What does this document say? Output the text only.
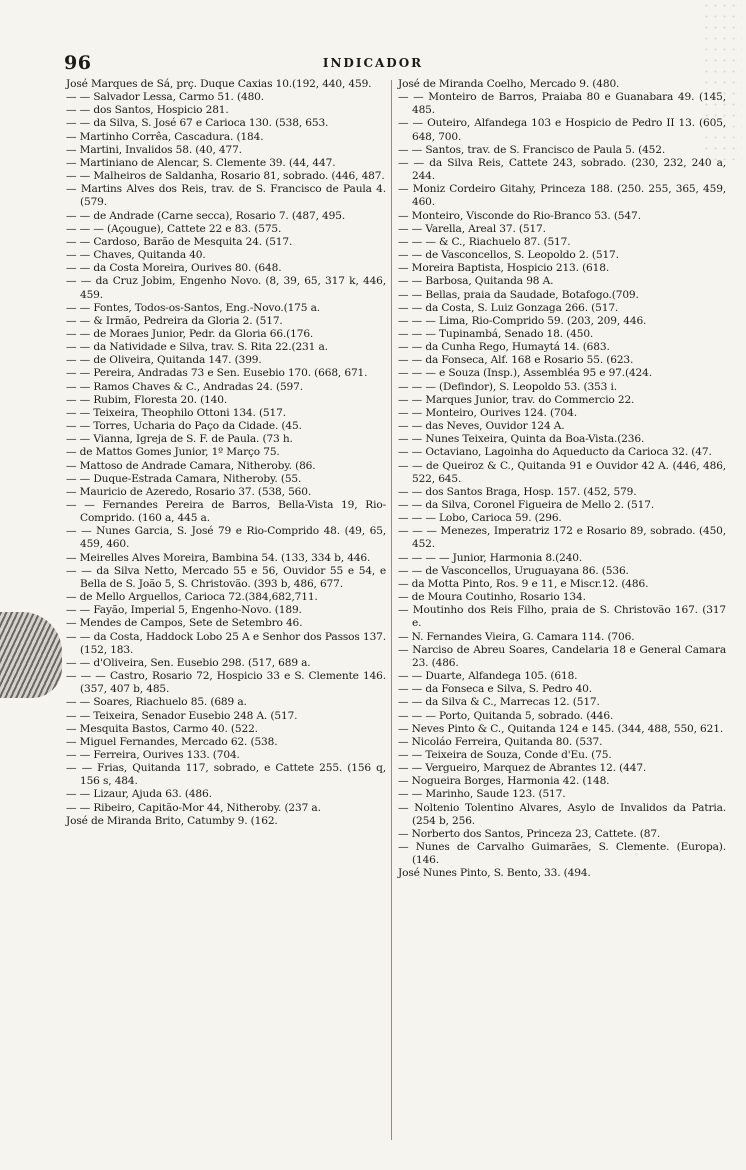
96	INDICADOR

José Marques de Sá, prç. Duque Caxias 10.(192, 440, 459.

— — Salvador Lessa, Carmo 51. (480.

— — dos Santos, Hospicio 281.

— — da Silva, S. José 67 e Carioca 130. (538, 653.

— Martinho Corrêa, Cascadura. (184.

— Martini, Invalidos 58. (40, 477.

— Martiniano de Alencar, S. Clemente 39. (44, 447.

— — Malheiros de Saldanha, Rosario 81, sobrado. (446, 487.

— Martins Alves dos Reis, trav. de S. Francisco de Paula 4. (579.

— — de Andrade (Carne secca), Rosario 7. (487, 495.

— — — (Açougue), Cattete 22 e 83. (575.

— — Cardoso, Barão de Mesquita 24. (517.

— — Chaves, Quitanda 40.

— — da Costa Moreira, Ourives 80. (648.

— — da Cruz Jobim, Engenho Novo. (8, 39, 65, 317 k, 446, 459.

— — Fontes, Todos-os-Santos, Eng.-Novo.(175 a.

— — & Irmão, Pedreira da Gloria 2. (517.

— — de Moraes Junior, Pedr. da Gloria 66.(176.

— — da Natividade e Silva, trav. S. Rita 22.(231 a.

— — de Oliveira, Quitanda 147. (399.

— — Pereira, Andradas 73 e Sen. Eusebio 170. (668, 671.

— — Ramos Chaves & C., Andradas 24. (597.

— — Rubim, Floresta 20. (140.

— — Teixeira, Theophilo Ottoni 134. (517.

— — Torres, Ucharia do Paço da Cidade. (45.

— — Vianna, Igreja de S. F. de Paula. (73 h.

— de Mattos Gomes Junior, 1º Março 75.

— Mattoso de Andrade Camara, Nitheroby. (86.

— — Duque-Estrada Camara, Nitheroby. (55.

— Mauricio de Azeredo, Rosario 37. (538, 560.

— — Fernandes Pereira de Barros, Bella-Vista 19, Rio-Comprido. (160 a, 445 a.

— — Nunes Garcia, S. José 79 e Rio-Comprido 48. (49, 65, 459, 460.

— Meirelles Alves Moreira, Bambina 54. (133, 334 b, 446.

— — da Silva Netto, Mercado 55 e 56, Ouvidor 55 e 54, e Bella de S. João 5, S. Christovão. (393 b, 486, 677.

— de Mello Arguellos, Carioca 72.(384,682,711.

— — Fayão, Imperial 5, Engenho-Novo. (189.

— Mendes de Campos, Sete de Setembro 46.

— — da Costa, Haddock Lobo 25 A e Senhor dos Passos 137. (152, 183.

— — d'Oliveira, Sen. Eusebio 298. (517, 689 a.

— — — Castro, Rosario 72, Hospicio 33 e S. Clemente 146. (357, 407 b, 485.

— — Soares, Riachuelo 85. (689 a.

— — Teixeira, Senador Eusebio 248 A. (517.

— Mesquita Bastos, Carmo 40. (522.

— Miguel Fernandes, Mercado 62. (538.

— — Ferreira, Ourives 133. (704.

— — Frias, Quitanda 117, sobrado, e Cattete 255. (156 q, 156 s, 484.

— — Lizaur, Ajuda 63. (486.

— — Ribeiro, Capitão-Mor 44, Nitheroby. (237 a.

José de Miranda Brito, Catumby 9. (162.

José de Miranda Coelho, Mercado 9. (480.

— — Monteiro de Barros, Praiaba 80 e Guanabara 49. (145, 485.

— — Outeiro, Alfandega 103 e Hospicio de Pedro II 13. (605, 648, 700.

— — Santos, trav. de S. Francisco de Paula 5. (452.

— — da Silva Reis, Cattete 243, sobrado. (230, 232, 240 a, 244.

— Moniz Cordeiro Gitahy, Princeza 188. (250. 255, 365, 459, 460.

— Monteiro, Visconde do Rio-Branco 53. (547.

— — Varella, Areal 37. (517.

— — — & C., Riachuelo 87. (517.

— — de Vasconcellos, S. Leopoldo 2. (517.

— Moreira Baptista, Hospicio 213. (618.

— — Barbosa, Quitanda 98 A.

— — Bellas, praia da Saudade, Botafogo.(709.

— — da Costa, S. Luiz Gonzaga 266. (517.

— — — Lima, Rio-Comprido 59. (203, 209, 446.

— — — Tupinambá, Senado 18. (450.

— — da Cunha Rego, Humaytá 14. (683.

— — da Fonseca, Alf. 168 e Rosario 55. (623.

— — — e Souza (Insp.), Assembléa 95 e 97.(424.

— — — (Defindor), S. Leopoldo 53. (353 i.

— — Marques Junior, trav. do Commercio 22.

— — Monteiro, Ourives 124. (704.

— — das Neves, Ouvidor 124 A.

— — Nunes Teixeira, Quinta da Boa-Vista.(236.

— — Octaviano, Lagoinha do Aqueducto da Carioca 32. (47.

— — de Queiroz & C., Quitanda 91 e Ouvidor 42 A. (446, 486, 522, 645.

— — dos Santos Braga, Hosp. 157. (452, 579.

— — da Silva, Coronel Figueira de Mello 2. (517.

— — — Lobo, Carioca 59. (296.

— — — Menezes, Imperatriz 172 e Rosario 89, sobrado. (450, 452.

— — — — Junior, Harmonia 8.(240.

— — de Vasconcellos, Uruguayana 86. (536.

— da Motta Pinto, Ros. 9 e 11, e Miscr.12. (486.

— de Moura Coutinho, Rosario 134.

— Moutinho dos Reis Filho, praia de S. Christovão 167. (317 e.

— N. Fernandes Vieira, G. Camara 114. (706.

— Narciso de Abreu Soares, Candelaria 18 e General Camara 23. (486.

— — Duarte, Alfandega 105. (618.

— — da Fonseca e Silva, S. Pedro 40.

— — da Silva & C., Marrecas 12. (517.

— — — Porto, Quitanda 5, sobrado. (446.

— Neves Pinto & C., Quitanda 124 e 145. (344, 488, 550, 621.

— Nicoláo Ferreira, Quitanda 80. (537.

— — Teixeira de Souza, Conde d'Eu. (75.

— — Vergueiro, Marquez de Abrantes 12. (447.

— Nogueira Borges, Harmonia 42. (148.

— — Marinho, Saude 123. (517.

— Noltenio Tolentino Alvares, Asylo de Invalidos da Patria. (254 b, 256.

— Norberto dos Santos, Princeza 23, Cattete. (87.

— Nunes de Carvalho Guimarães, S. Clemente. (Europa). (146.

José Nunes Pinto, S. Bento, 33. (494.
